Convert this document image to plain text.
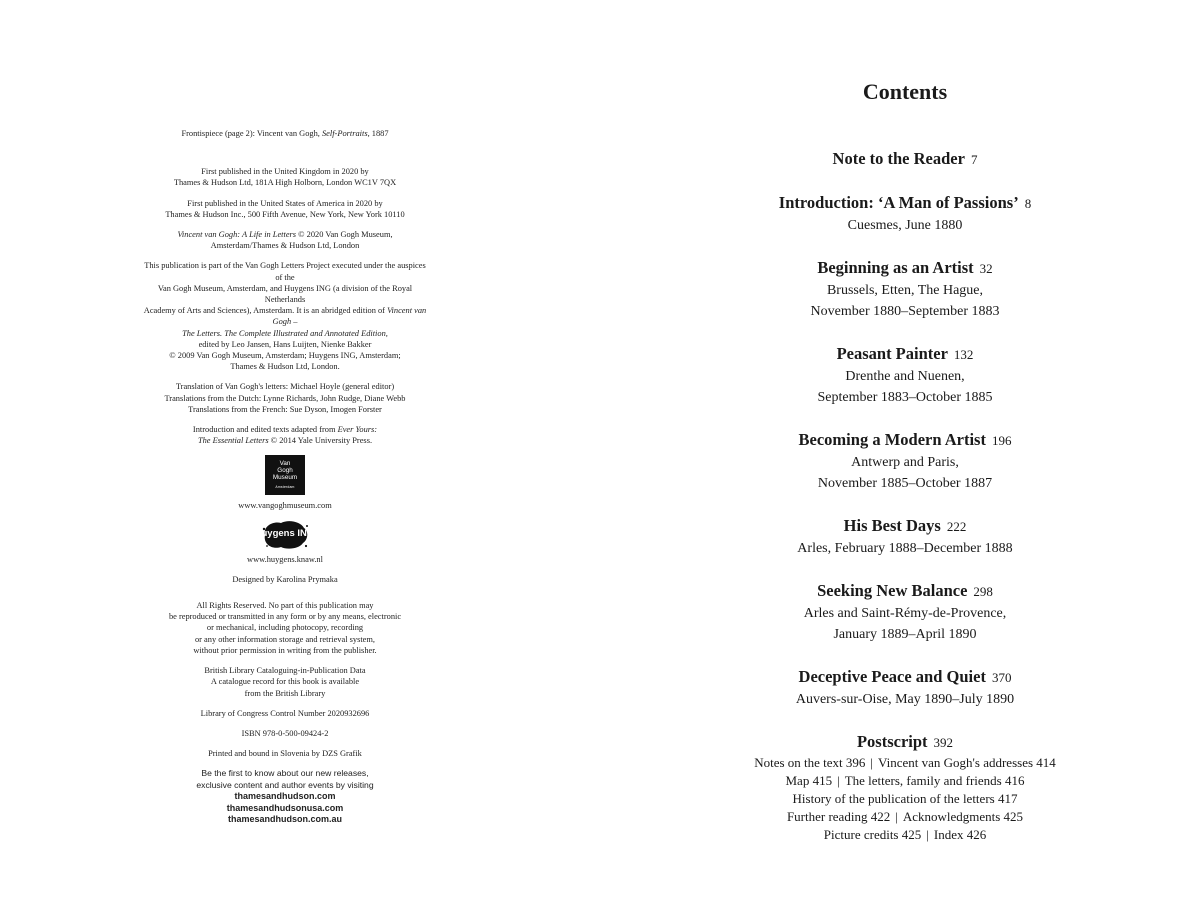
Frontispiece (page 2): Vincent van Gogh, Self-Portraits, 1887

First published in the United Kingdom in 2020 by

Thames & Hudson Ltd, 181A High Holborn, London WC1V 7QX

First published in the United States of America in 2020 by

Thames & Hudson Inc., 500 Fifth Avenue, New York, New York 10110

Vincent van Gogh: A Life in Letters © 2020 Van Gogh Museum,

Amsterdam/Thames & Hudson Ltd, London

This publication is part of the Van Gogh Letters Project executed under the auspices of the

Van Gogh Museum, Amsterdam, and Huygens ING (a division of the Royal Netherlands

Academy of Arts and Sciences), Amsterdam. It is an abridged edition of Vincent van Gogh –

The Letters. The Complete Illustrated and Annotated Edition,

edited by Leo Jansen, Hans Luijten, Nienke Bakker

© 2009 Van Gogh Museum, Amsterdam; Huygens ING, Amsterdam;

Thames & Hudson Ltd, London.

Translation of Van Gogh's letters: Michael Hoyle (general editor)

Translations from the Dutch: Lynne Richards, John Rudge, Diane Webb

Translations from the French: Sue Dyson, Imogen Forster

Introduction and edited texts adapted from Ever Yours:

The Essential Letters © 2014 Yale University Press.

Van
Gogh
Museum
Amsterdam

www.vangoghmuseum.com

huygens ING

www.huygens.knaw.nl

Designed by Karolina Prymaka

All Rights Reserved. No part of this publication may

be reproduced or transmitted in any form or by any means, electronic

or mechanical, including photocopy, recording

or any other information storage and retrieval system,

without prior permission in writing from the publisher.

British Library Cataloguing-in-Publication Data

A catalogue record for this book is available

from the British Library

Library of Congress Control Number 2020932696

ISBN 978-0-500-09424-2

Printed and bound in Slovenia by DZS Grafik

Be the first to know about our new releases,

exclusive content and author events by visiting

thamesandhudson.com

thamesandhudsonusa.com

thamesandhudson.com.au

Contents
Note to the Reader 7
Introduction: ‘A Man of Passions’ 8
Cuesmes, June 1880
Beginning as an Artist 32
Brussels, Etten, The Hague,
November 1880–September 1883
Peasant Painter 132
Drenthe and Nuenen,
September 1883–October 1885
Becoming a Modern Artist 196
Antwerp and Paris,
November 1885–October 1887
His Best Days 222
Arles, February 1888–December 1888
Seeking New Balance 298
Arles and Saint-Rémy-de-Provence,
January 1889–April 1890
Deceptive Peace and Quiet 370
Auvers-sur-Oise, May 1890–July 1890
Postscript 392
Notes on the text 396 | Vincent van Gogh's addresses 414
Map 415 | The letters, family and friends 416
History of the publication of the letters 417
Further reading 422 | Acknowledgments 425
Picture credits 425 | Index 426
